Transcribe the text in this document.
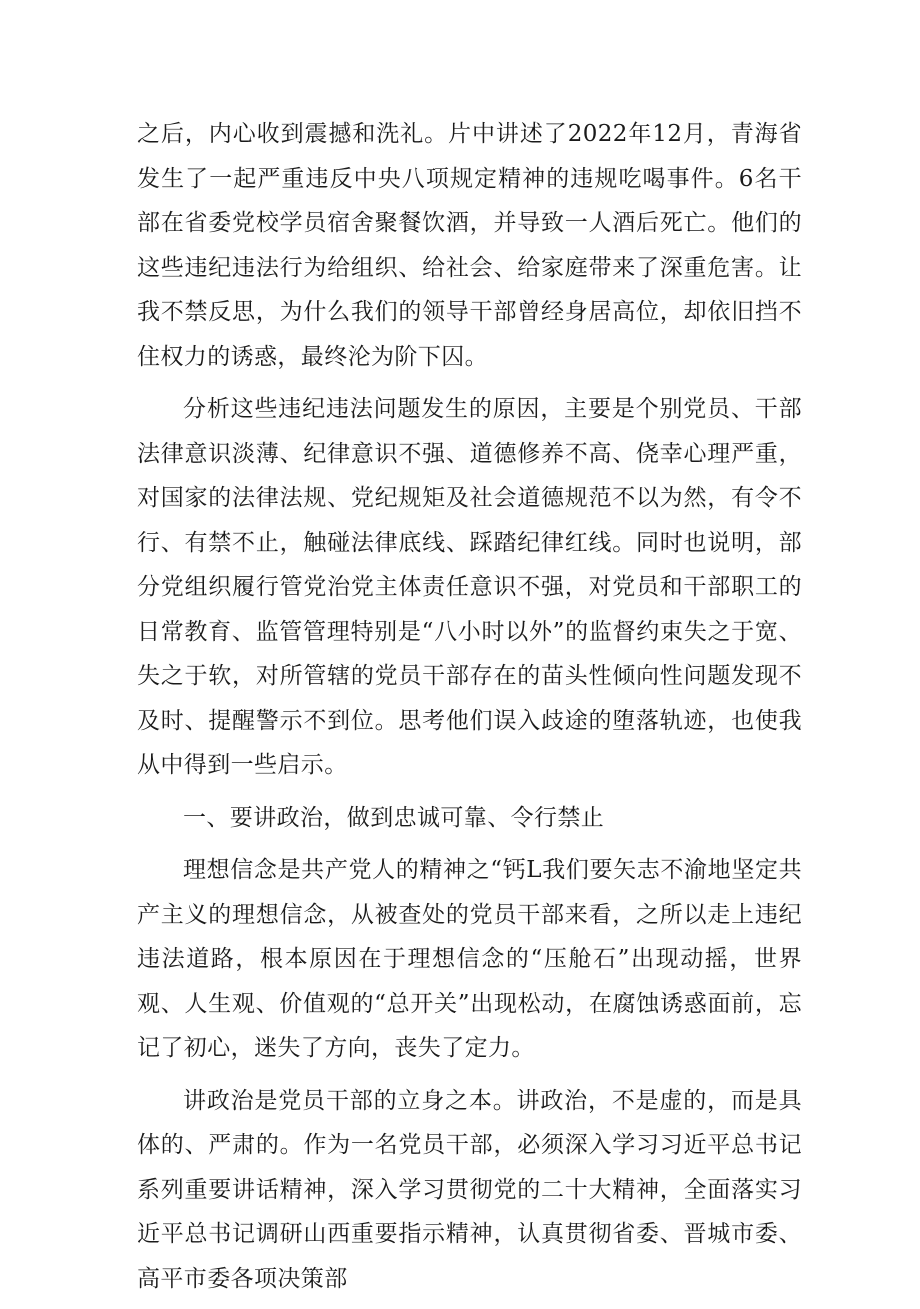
之后，内心收到震撼和洗礼。片中讲述了2022年12月，青海省发生了一起严重违反中央八项规定精神的违规吃喝事件。6名干部在省委党校学员宿舍聚餐饮酒，并导致一人酒后死亡。他们的这些违纪违法行为给组织、给社会、给家庭带来了深重危害。让我不禁反思，为什么我们的领导干部曾经身居高位，却依旧挡不住权力的诱惑，最终沦为阶下囚。

分析这些违纪违法问题发生的原因，主要是个别党员、干部法律意识淡薄、纪律意识不强、道德修养不高、侥幸心理严重，对国家的法律法规、党纪规矩及社会道德规范不以为然，有令不行、有禁不止，触碰法律底线、踩踏纪律红线。同时也说明，部分党组织履行管党治党主体责任意识不强，对党员和干部职工的日常教育、监管管理特别是“八小时以外”的监督约束失之于宽、失之于软，对所管辖的党员干部存在的苗头性倾向性问题发现不及时、提醒警示不到位。思考他们误入歧途的堕落轨迹，也使我从中得到一些启示。

一、要讲政治，做到忠诚可靠、令行禁止

理想信念是共产党人的精神之“钙L我们要矢志不渝地坚定共产主义的理想信念，从被查处的党员干部来看，之所以走上违纪违法道路，根本原因在于理想信念的“压舱石”出现动摇，世界观、人生观、价值观的“总开关”出现松动，在腐蚀诱惑面前，忘记了初心，迷失了方向，丧失了定力。

讲政治是党员干部的立身之本。讲政治，不是虚的，而是具体的、严肃的。作为一名党员干部，必须深入学习习近平总书记系列重要讲话精神，深入学习贯彻党的二十大精神，全面落实习近平总书记调研山西重要指示精神，认真贯彻省委、晋城市委、高平市委各项决策部
